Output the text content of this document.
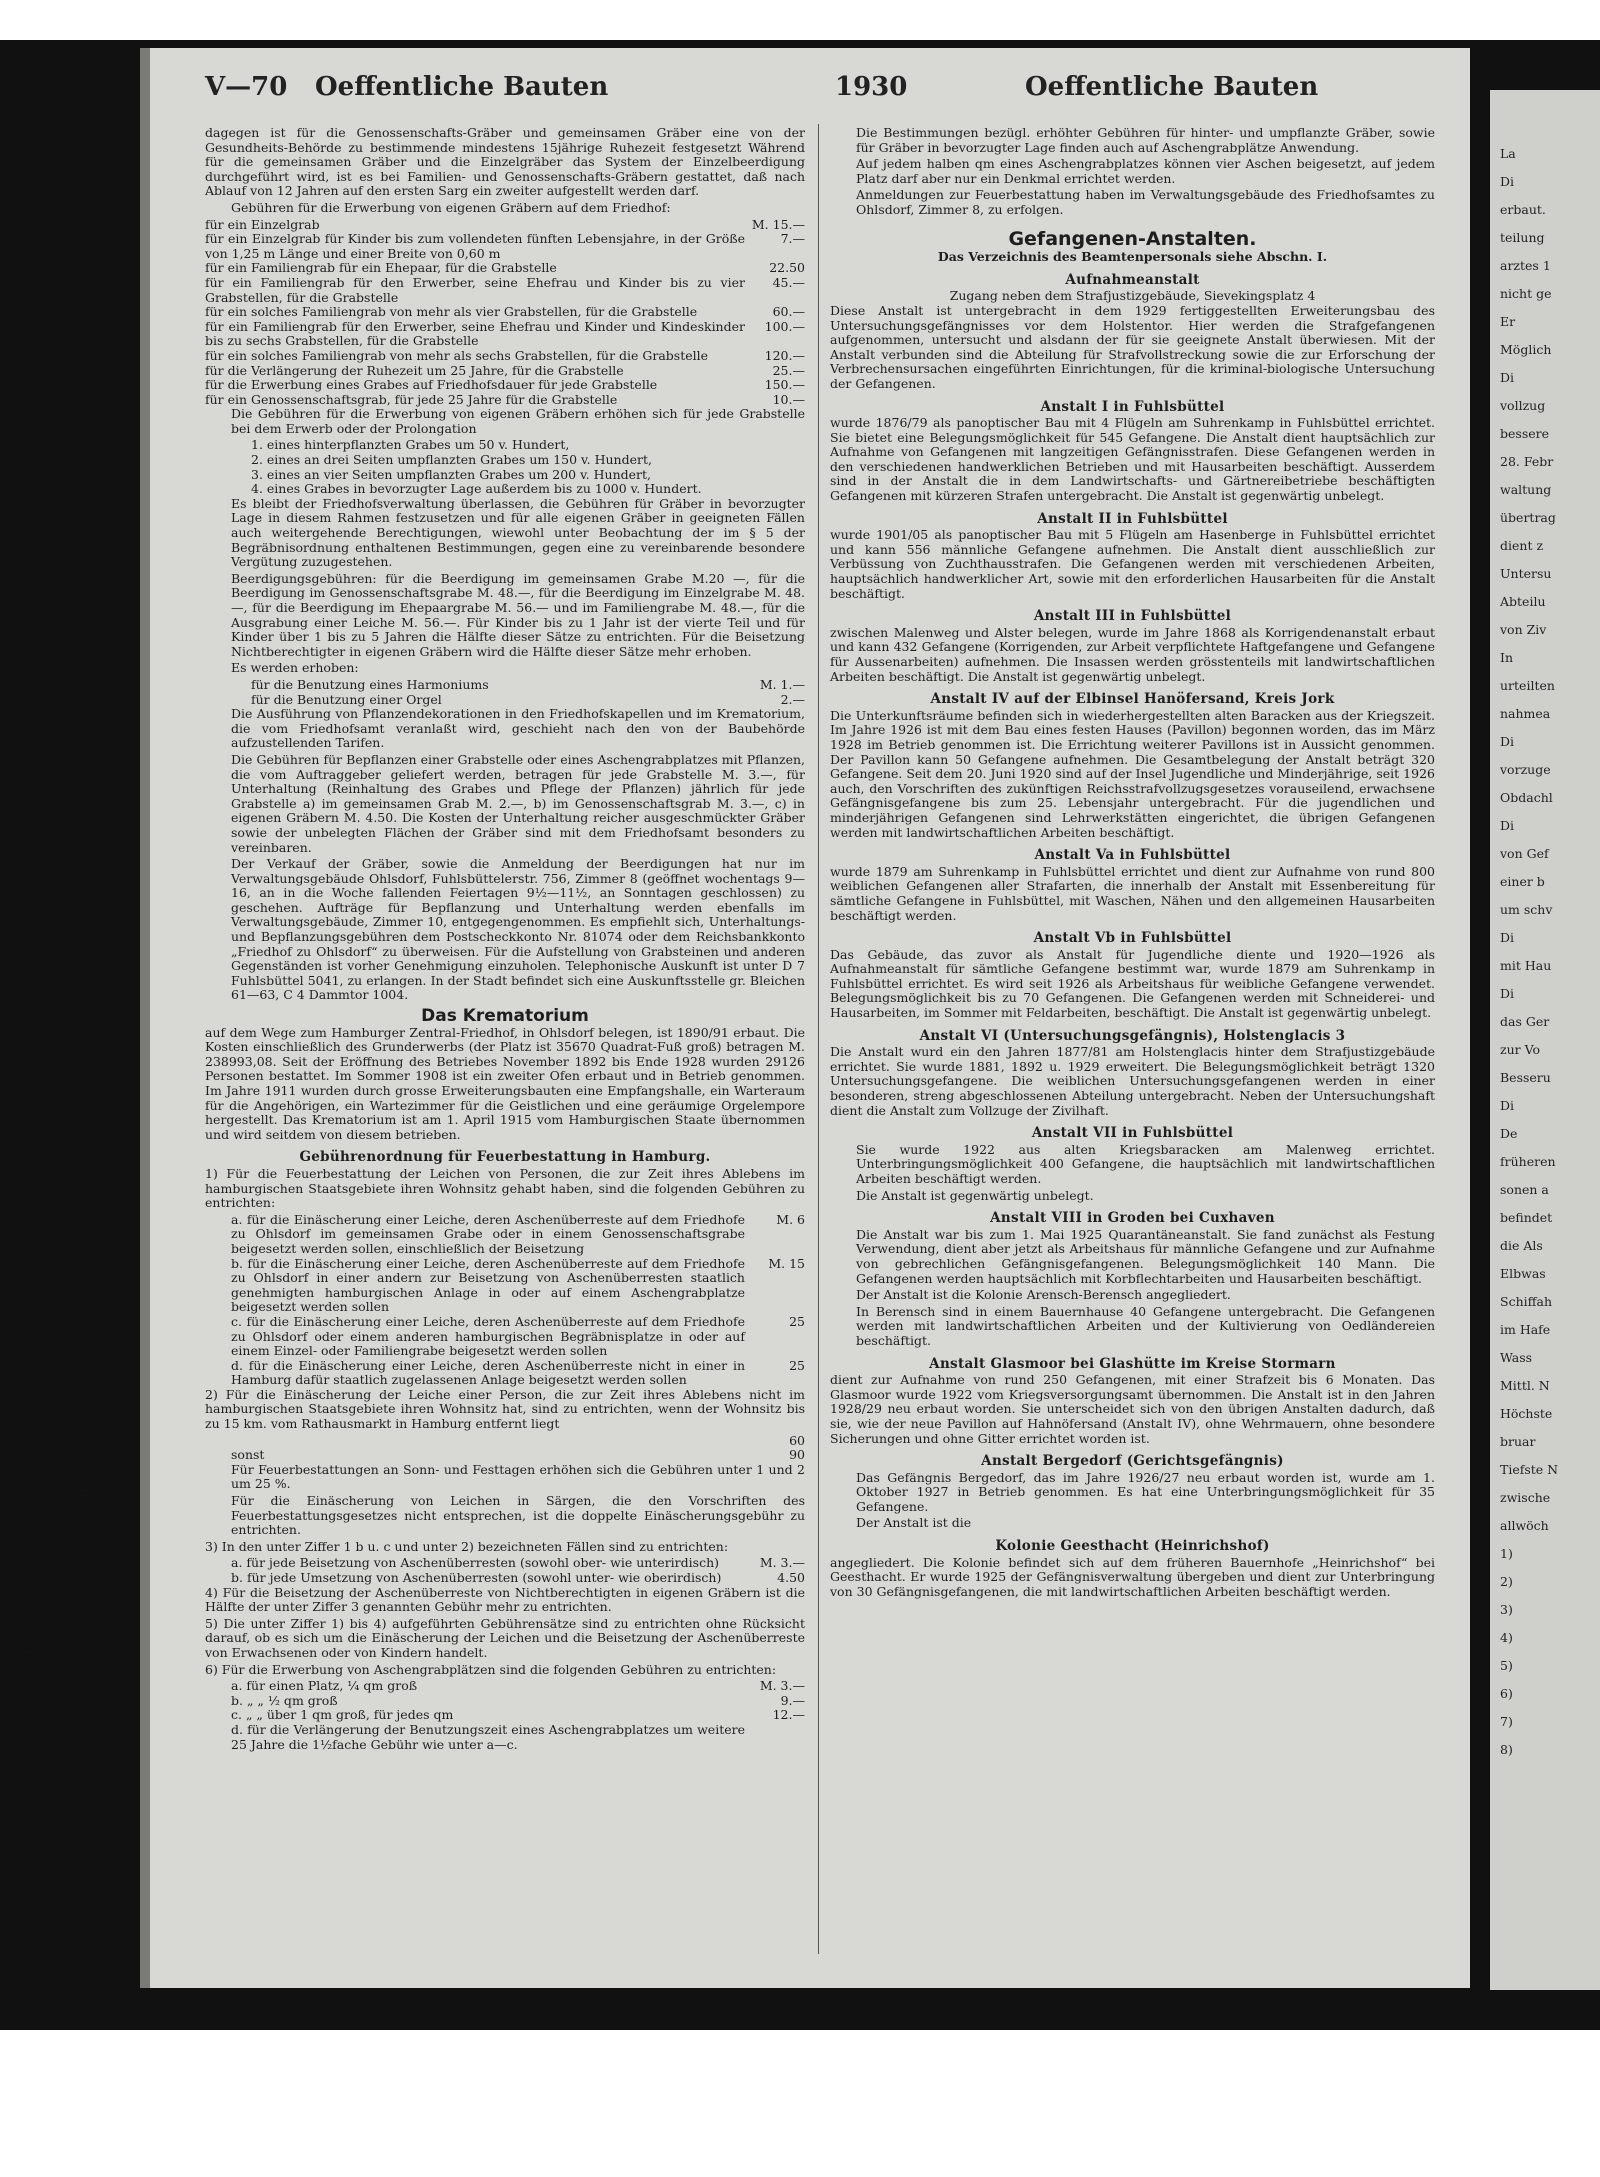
Bleed Through
Repaired Document Plastic Covered Document
La
Di
erbaut.
teilung
arztes 1
nicht ge
Er
Möglich
Di
vollzug
bessere
28. Febr
waltung
übertrag
dient z
Untersu
Abteilu
von Ziv
In
urteilten
nahmea
Di
vorzuge
Obdachl
Di
von Gef
einer b
um schv
Di
mit Hau
Di
das Ger
zur Vo
Besseru
Di
De
früheren
sonen a
befindet
die Als
Elbwas
Schiffah
im Hafe
Wass
Mittl. N
Höchste
bruar
Tiefste N
zwische
allwöch
1)
2)
3)
4)
5)
6)
7)
8)
V—70 Oeffentliche Bauten	1930	Oeffentliche Bauten

dagegen ist für die Genossenschafts-Gräber und gemeinsamen Gräber eine von der Gesundheits-Behörde zu bestimmende mindestens 15jährige Ruhezeit festgesetzt Während für die gemeinsamen Gräber und die Einzelgräber das System der Einzelbeerdigung durchgeführt wird, ist es bei Familien- und Genossenschafts-Gräbern gestattet, daß nach Ablauf von 12 Jahren auf den ersten Sarg ein zweiter aufgestellt werden darf.

Gebühren für die Erwerbung von eigenen Gräbern auf dem Friedhof:

für ein Einzelgrab	M. 15.—
für ein Einzelgrab für Kinder bis zum vollendeten fünften Lebensjahre, in der Größe von 1,25 m Länge und einer Breite von 0,60 m
7.—
für ein Familiengrab für ein Ehepaar, für die Grabstelle	22.50
für ein Familiengrab für den Erwerber, seine Ehefrau und Kinder bis zu vier Grabstellen, für die Grabstelle
45.—
für ein solches Familiengrab von mehr als vier Grabstellen, für die Grabstelle	60.—
für ein Familiengrab für den Erwerber, seine Ehefrau und Kinder und Kindeskinder bis zu sechs Grabstellen, für die Grabstelle
100.—
für ein solches Familiengrab von mehr als sechs Grabstellen, für die Grabstelle	120.—
für die Verlängerung der Ruhezeit um 25 Jahre, für die Grabstelle	25.—
für die Erwerbung eines Grabes auf Friedhofsdauer für jede Grabstelle	150.—
für ein Genossenschaftsgrab, für jede 25 Jahre für die Grabstelle	10.—

Die Gebühren für die Erwerbung von eigenen Gräbern erhöhen sich für jede Grabstelle bei dem Erwerb oder der Prolongation

1. eines hinterpflanzten Grabes um 50 v. Hundert,
2. eines an drei Seiten umpflanzten Grabes um 150 v. Hundert,
3. eines an vier Seiten umpflanzten Grabes um 200 v. Hundert,
4. eines Grabes in bevorzugter Lage außerdem bis zu 1000 v. Hundert.

Es bleibt der Friedhofsverwaltung überlassen, die Gebühren für Gräber in bevorzugter Lage in diesem Rahmen festzusetzen und für alle eigenen Gräber in geeigneten Fällen auch weitergehende Berechtigungen, wiewohl unter Beobachtung der im § 5 der Begräbnisordnung enthaltenen Bestimmungen, gegen eine zu vereinbarende besondere Vergütung zuzugestehen.

Beerdigungsgebühren: für die Beerdigung im gemeinsamen Grabe M.20 —, für die Beerdigung im Genossenschaftsgrabe M. 48.—, für die Beerdigung im Einzelgrabe M. 48.—, für die Beerdigung im Ehepaargrabe M. 56.— und im Familiengrabe M. 48.—, für die Ausgrabung einer Leiche M. 56.—. Für Kinder bis zu 1 Jahr ist der vierte Teil und für Kinder über 1 bis zu 5 Jahren die Hälfte dieser Sätze zu entrichten. Für die Beisetzung Nichtberechtigter in eigenen Gräbern wird die Hälfte dieser Sätze mehr erhoben.

Es werden erhoben:

für die Benutzung eines Harmoniums	M. 1.—
für die Benutzung einer Orgel	2.—

Die Ausführung von Pflanzendekorationen in den Friedhofskapellen und im Krematorium, die vom Friedhofsamt veranlaßt wird, geschieht nach den von der Baubehörde aufzustellenden Tarifen.

Die Gebühren für Bepflanzen einer Grabstelle oder eines Aschengrabplatzes mit Pflanzen, die vom Auftraggeber geliefert werden, betragen für jede Grabstelle M. 3.—, für Unterhaltung (Reinhaltung des Grabes und Pflege der Pflanzen) jährlich für jede Grabstelle a) im gemeinsamen Grab M. 2.—, b) im Genossenschaftsgrab M. 3.—, c) in eigenen Gräbern M. 4.50. Die Kosten der Unterhaltung reicher ausgeschmückter Gräber sowie der unbelegten Flächen der Gräber sind mit dem Friedhofsamt besonders zu vereinbaren.

Der Verkauf der Gräber, sowie die Anmeldung der Beerdigungen hat nur im Verwaltungsgebäude Ohlsdorf, Fuhlsbüttelerstr. 756, Zimmer 8 (geöffnet wochentags 9—16, an in die Woche fallenden Feiertagen 9½—11½, an Sonntagen geschlossen) zu geschehen. Aufträge für Bepflanzung und Unterhaltung werden ebenfalls im Verwaltungsgebäude, Zimmer 10, entgegengenommen. Es empfiehlt sich, Unterhaltungs- und Bepflanzungsgebühren dem Postscheckkonto Nr. 81074 oder dem Reichsbankkonto „Friedhof zu Ohlsdorf“ zu überweisen. Für die Aufstellung von Grabsteinen und anderen Gegenständen ist vorher Genehmigung einzuholen. Telephonische Auskunft ist unter D 7 Fuhlsbüttel 5041, zu erlangen. In der Stadt befindet sich eine Auskunftsstelle gr. Bleichen 61—63, C 4 Dammtor 1004.

Das Krematorium

auf dem Wege zum Hamburger Zentral-Friedhof, in Ohlsdorf belegen, ist 1890/91 erbaut. Die Kosten einschließlich des Grunderwerbs (der Platz ist 35670 Quadrat-Fuß groß) betragen M. 238993,08. Seit der Eröffnung des Betriebes November 1892 bis Ende 1928 wurden 29126 Personen bestattet. Im Sommer 1908 ist ein zweiter Ofen erbaut und in Betrieb genommen. Im Jahre 1911 wurden durch grosse Erweiterungsbauten eine Empfangshalle, ein Warteraum für die Angehörigen, ein Wartezimmer für die Geistlichen und eine geräumige Orgelempore hergestellt. Das Krematorium ist am 1. April 1915 vom Hamburgischen Staate übernommen und wird seitdem von diesem betrieben.

Gebührenordnung für Feuerbestattung in Hamburg.

1) Für die Feuerbestattung der Leichen von Personen, die zur Zeit ihres Ablebens im hamburgischen Staatsgebiete ihren Wohnsitz gehabt haben, sind die folgenden Gebühren zu entrichten:

a. für die Einäscherung einer Leiche, deren Aschenüberreste auf dem Friedhofe zu Ohlsdorf im gemeinsamen Grabe oder in einem Genossenschaftsgrabe beigesetzt werden sollen, einschließlich der Beisetzung
M. 6
b. für die Einäscherung einer Leiche, deren Aschenüberreste auf dem Friedhofe zu Ohlsdorf in einer andern zur Beisetzung von Aschenüberresten staatlich genehmigten hamburgischen Anlage in oder auf einem Aschengrabplatze beigesetzt werden sollen
M. 15
c. für die Einäscherung einer Leiche, deren Aschenüberreste auf dem Friedhofe zu Ohlsdorf oder einem anderen hamburgischen Begräbnisplatze in oder auf einem Einzel- oder Familiengrabe beigesetzt werden sollen
25
d. für die Einäscherung einer Leiche, deren Aschenüberreste nicht in einer in Hamburg dafür staatlich zugelassenen Anlage beigesetzt werden sollen
25

2) Für die Einäscherung der Leiche einer Person, die zur Zeit ihres Ablebens nicht im hamburgischen Staatsgebiete ihren Wohnsitz hat, sind zu entrichten, wenn der Wohnsitz bis zu 15 km. vom Rathausmarkt in Hamburg entfernt liegt

60
sonst	90

Für Feuerbestattungen an Sonn- und Festtagen erhöhen sich die Gebühren unter 1 und 2 um 25 %.

Für die Einäscherung von Leichen in Särgen, die den Vorschriften des Feuerbestattungsgesetzes nicht entsprechen, ist die doppelte Einäscherungsgebühr zu entrichten.

3) In den unter Ziffer 1 b u. c und unter 2) bezeichneten Fällen sind zu entrichten:

a. für jede Beisetzung von Aschenüberresten (sowohl ober- wie unterirdisch)	M. 3.—
b. für jede Umsetzung von Aschenüberresten (sowohl unter- wie oberirdisch)	4.50

4) Für die Beisetzung der Aschenüberreste von Nichtberechtigten in eigenen Gräbern ist die Hälfte der unter Ziffer 3 genannten Gebühr mehr zu entrichten.

5) Die unter Ziffer 1) bis 4) aufgeführten Gebührensätze sind zu entrichten ohne Rücksicht darauf, ob es sich um die Einäscherung der Leichen und die Beisetzung der Aschenüberreste von Erwachsenen oder von Kindern handelt.

6) Für die Erwerbung von Aschengrabplätzen sind die folgenden Gebühren zu entrichten:

a. für einen Platz, ¼ qm groß	M. 3.—
b. „ „ ½ qm groß	9.—
c. „ „ über 1 qm groß, für jedes qm	12.—
d. für die Verlängerung der Benutzungszeit eines Aschengrabplatzes um weitere 25 Jahre die 1½fache Gebühr wie unter a—c.

Die Bestimmungen bezügl. erhöhter Gebühren für hinter- und umpflanzte Gräber, sowie für Gräber in bevorzugter Lage finden auch auf Aschengrabplätze Anwendung.

Auf jedem halben qm eines Aschengrabplatzes können vier Aschen beigesetzt, auf jedem Platz darf aber nur ein Denkmal errichtet werden.

Anmeldungen zur Feuerbestattung haben im Verwaltungsgebäude des Friedhofsamtes zu Ohlsdorf, Zimmer 8, zu erfolgen.

Gefangenen-Anstalten.
Das Verzeichnis des Beamtenpersonals siehe Abschn. I.
Aufnahmeanstalt
Zugang neben dem Strafjustizgebäude, Sievekingsplatz 4

Diese Anstalt ist untergebracht in dem 1929 fertiggestellten Erweiterungsbau des Untersuchungsgefängnisses vor dem Holstentor. Hier werden die Strafgefangenen aufgenommen, untersucht und alsdann der für sie geeignete Anstalt überwiesen. Mit der Anstalt verbunden sind die Abteilung für Strafvollstreckung sowie die zur Erforschung der Verbrechensursachen eingeführten Einrichtungen, für die kriminal-biologische Untersuchung der Gefangenen.

Anstalt I in Fuhlsbüttel

wurde 1876/79 als panoptischer Bau mit 4 Flügeln am Suhrenkamp in Fuhlsbüttel errichtet. Sie bietet eine Belegungsmöglichkeit für 545 Gefangene. Die Anstalt dient hauptsächlich zur Aufnahme von Gefangenen mit langzeitigen Gefängnisstrafen. Diese Gefangenen werden in den verschiedenen handwerklichen Betrieben und mit Hausarbeiten beschäftigt. Ausserdem sind in der Anstalt die in dem Landwirtschafts- und Gärtnereibetriebe beschäftigten Gefangenen mit kürzeren Strafen untergebracht. Die Anstalt ist gegenwärtig unbelegt.

Anstalt II in Fuhlsbüttel

wurde 1901/05 als panoptischer Bau mit 5 Flügeln am Hasenberge in Fuhlsbüttel errichtet und kann 556 männliche Gefangene aufnehmen. Die Anstalt dient ausschließlich zur Verbüssung von Zuchthausstrafen. Die Gefangenen werden mit verschiedenen Arbeiten, hauptsächlich handwerklicher Art, sowie mit den erforderlichen Hausarbeiten für die Anstalt beschäftigt.

Anstalt III in Fuhlsbüttel

zwischen Malenweg und Alster belegen, wurde im Jahre 1868 als Korrigendenanstalt erbaut und kann 432 Gefangene (Korrigenden, zur Arbeit verpflichtete Haftgefangene und Gefangene für Aussenarbeiten) aufnehmen. Die Insassen werden grösstenteils mit landwirtschaftlichen Arbeiten beschäftigt. Die Anstalt ist gegenwärtig unbelegt.

Anstalt IV auf der Elbinsel Hanöfersand, Kreis Jork

Die Unterkunftsräume befinden sich in wiederhergestellten alten Baracken aus der Kriegszeit. Im Jahre 1926 ist mit dem Bau eines festen Hauses (Pavillon) begonnen worden, das im März 1928 im Betrieb genommen ist. Die Errichtung weiterer Pavillons ist in Aussicht genommen. Der Pavillon kann 50 Gefangene aufnehmen. Die Gesamtbelegung der Anstalt beträgt 320 Gefangene. Seit dem 20. Juni 1920 sind auf der Insel Jugendliche und Minderjährige, seit 1926 auch, den Vorschriften des zukünftigen Reichsstrafvollzugsgesetzes vorauseilend, erwachsene Gefängnisgefangene bis zum 25. Lebensjahr untergebracht. Für die jugendlichen und minderjährigen Gefangenen sind Lehrwerkstätten eingerichtet, die übrigen Gefangenen werden mit landwirtschaftlichen Arbeiten beschäftigt.

Anstalt Va in Fuhlsbüttel

wurde 1879 am Suhrenkamp in Fuhlsbüttel errichtet und dient zur Aufnahme von rund 800 weiblichen Gefangenen aller Strafarten, die innerhalb der Anstalt mit Essenbereitung für sämtliche Gefangene in Fuhlsbüttel, mit Waschen, Nähen und den allgemeinen Hausarbeiten beschäftigt werden.

Anstalt Vb in Fuhlsbüttel

Das Gebäude, das zuvor als Anstalt für Jugendliche diente und 1920—1926 als Aufnahmeanstalt für sämtliche Gefangene bestimmt war, wurde 1879 am Suhrenkamp in Fuhlsbüttel errichtet. Es wird seit 1926 als Arbeitshaus für weibliche Gefangene verwendet. Belegungsmöglichkeit bis zu 70 Gefangenen. Die Gefangenen werden mit Schneiderei- und Hausarbeiten, im Sommer mit Feldarbeiten, beschäftigt. Die Anstalt ist gegenwärtig unbelegt.

Anstalt VI (Untersuchungsgefängnis), Holstenglacis 3

Die Anstalt wurd ein den Jahren 1877/81 am Holstenglacis hinter dem Strafjustizgebäude errichtet. Sie wurde 1881, 1892 u. 1929 erweitert. Die Belegungsmöglichkeit beträgt 1320 Untersuchungsgefangene. Die weiblichen Untersuchungsgefangenen werden in einer besonderen, streng abgeschlossenen Abteilung untergebracht. Neben der Untersuchungshaft dient die Anstalt zum Vollzuge der Zivilhaft.

Anstalt VII in Fuhlsbüttel

Sie wurde 1922 aus alten Kriegsbaracken am Malenweg errichtet. Unterbringungsmöglichkeit 400 Gefangene, die hauptsächlich mit landwirtschaftlichen Arbeiten beschäftigt werden.

Die Anstalt ist gegenwärtig unbelegt.

Anstalt VIII in Groden bei Cuxhaven

Die Anstalt war bis zum 1. Mai 1925 Quarantäneanstalt. Sie fand zunächst als Festung Verwendung, dient aber jetzt als Arbeitshaus für männliche Gefangene und zur Aufnahme von gebrechlichen Gefängnisgefangenen. Belegungsmöglichkeit 140 Mann. Die Gefangenen werden hauptsächlich mit Korbflechtarbeiten und Hausarbeiten beschäftigt.

Der Anstalt ist die Kolonie Arensch-Berensch angegliedert.

In Berensch sind in einem Bauernhause 40 Gefangene untergebracht. Die Gefangenen werden mit landwirtschaftlichen Arbeiten und der Kultivierung von Oedländereien beschäftigt.

Anstalt Glasmoor bei Glashütte im Kreise Stormarn

dient zur Aufnahme von rund 250 Gefangenen, mit einer Strafzeit bis 6 Monaten. Das Glasmoor wurde 1922 vom Kriegsversorgungsamt übernommen. Die Anstalt ist in den Jahren 1928/29 neu erbaut worden. Sie unterscheidet sich von den übrigen Anstalten dadurch, daß sie, wie der neue Pavillon auf Hahnöfersand (Anstalt IV), ohne Wehrmauern, ohne besondere Sicherungen und ohne Gitter errichtet worden ist.

Anstalt Bergedorf (Gerichtsgefängnis)

Das Gefängnis Bergedorf, das im Jahre 1926/27 neu erbaut worden ist, wurde am 1. Oktober 1927 in Betrieb genommen. Es hat eine Unterbringungsmöglichkeit für 35 Gefangene.

Der Anstalt ist die

Kolonie Geesthacht (Heinrichshof)

angegliedert. Die Kolonie befindet sich auf dem früheren Bauernhofe „Heinrichshof“ bei Geesthacht. Er wurde 1925 der Gefängnisverwaltung übergeben und dient zur Unterbringung von 30 Gefängnisgefangenen, die mit landwirtschaftlichen Arbeiten beschäftigt werden.
